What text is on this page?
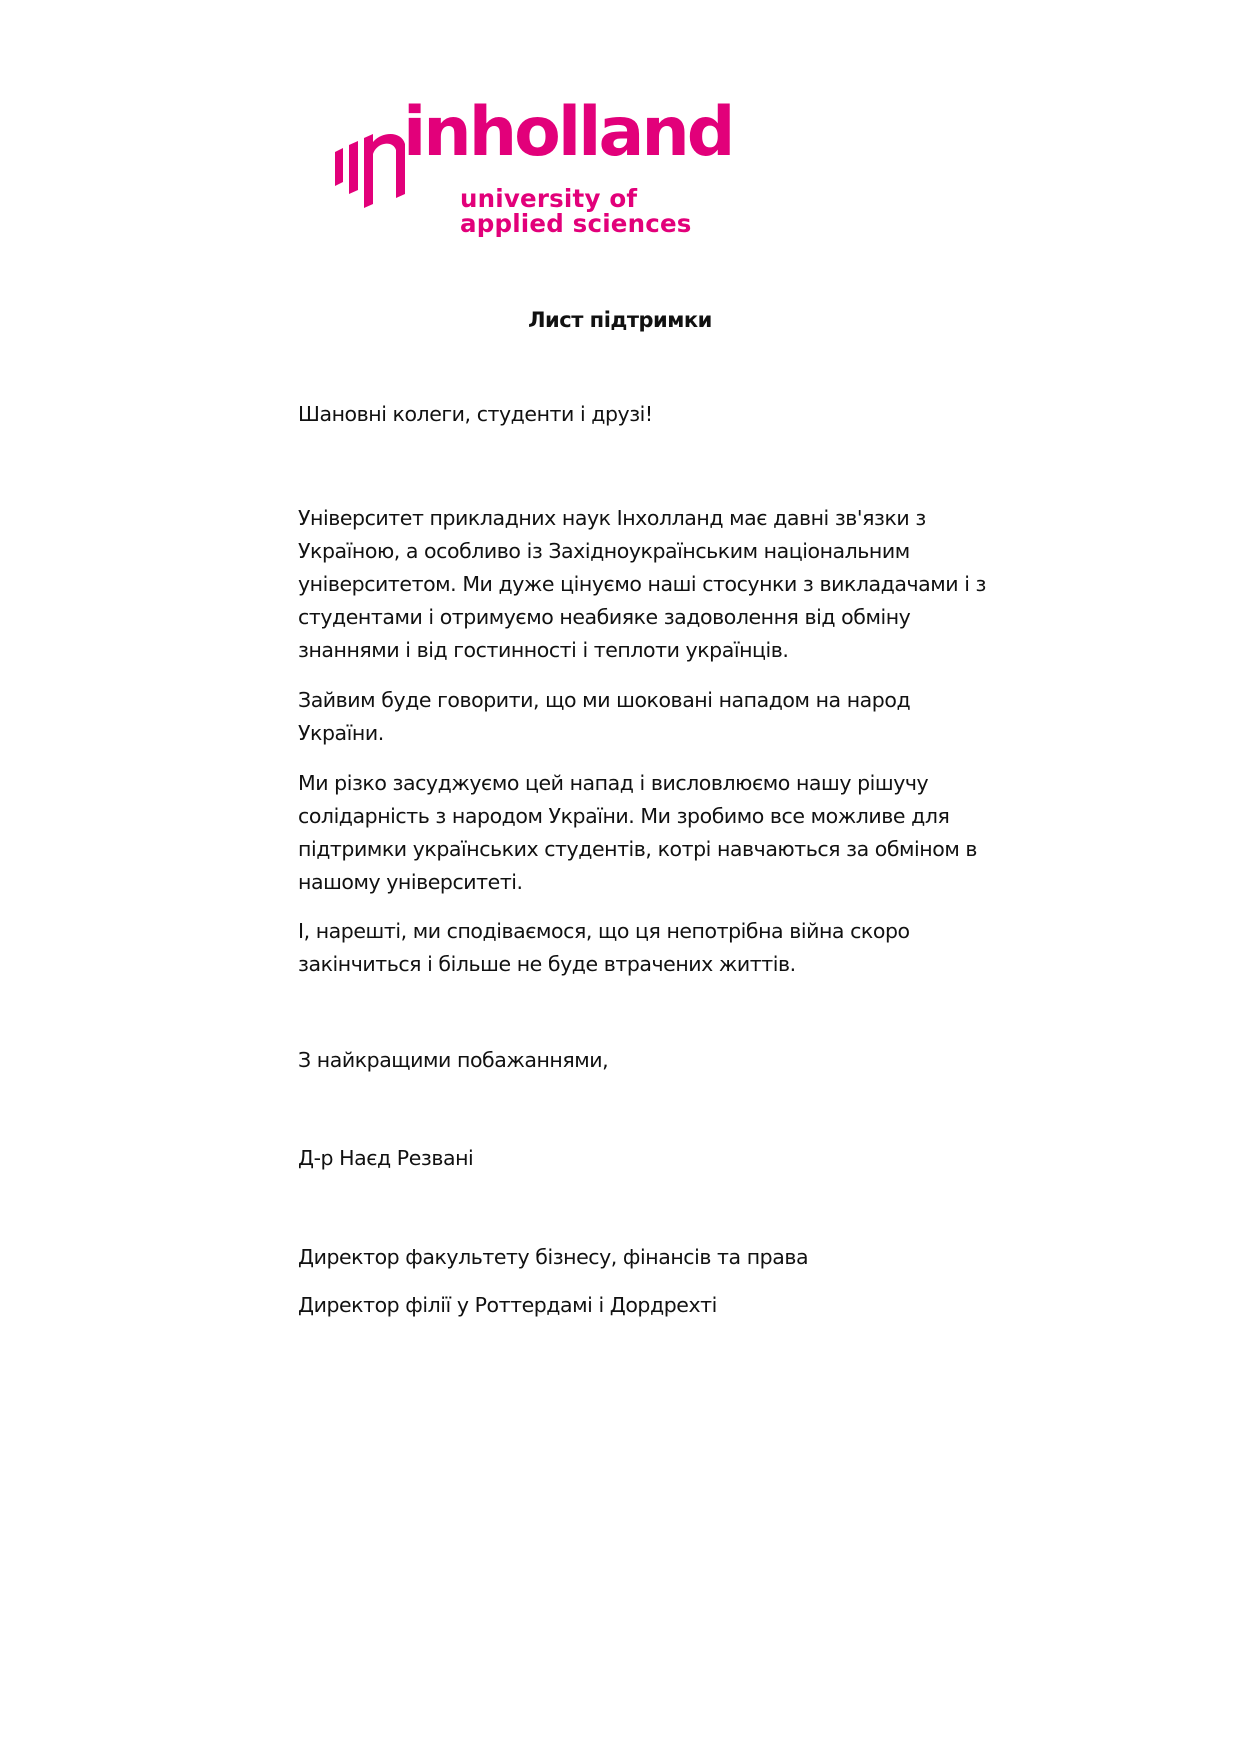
inholland
university of
applied sciences
Лист підтримки
Шановні колеги, студенти і друзі!
Університет прикладних наук Інхолланд має давні зв'язки з
Україною, а особливо із Західноукраїнським національним
університетом. Ми дуже цінуємо наші стосунки з викладачами і з
студентами і отримуємо неабияке задоволення від обміну
знаннями і від гостинності і теплоти українців.
Зайвим буде говорити, що ми шоковані нападом на народ
України.
Ми різко засуджуємо цей напад і висловлюємо нашу рішучу
солідарність з народом України. Ми зробимо все можливе для
підтримки українських студентів, котрі навчаються за обміном в
нашому університеті.
І, нарешті, ми сподіваємося, що ця непотрібна війна скоро
закінчиться і більше не буде втрачених життів.
З найкращими побажаннями,
Д-р Наєд Резвані
Директор факультету бізнесу, фінансів та права
Директор філії у Роттердамі і Дордрехті
